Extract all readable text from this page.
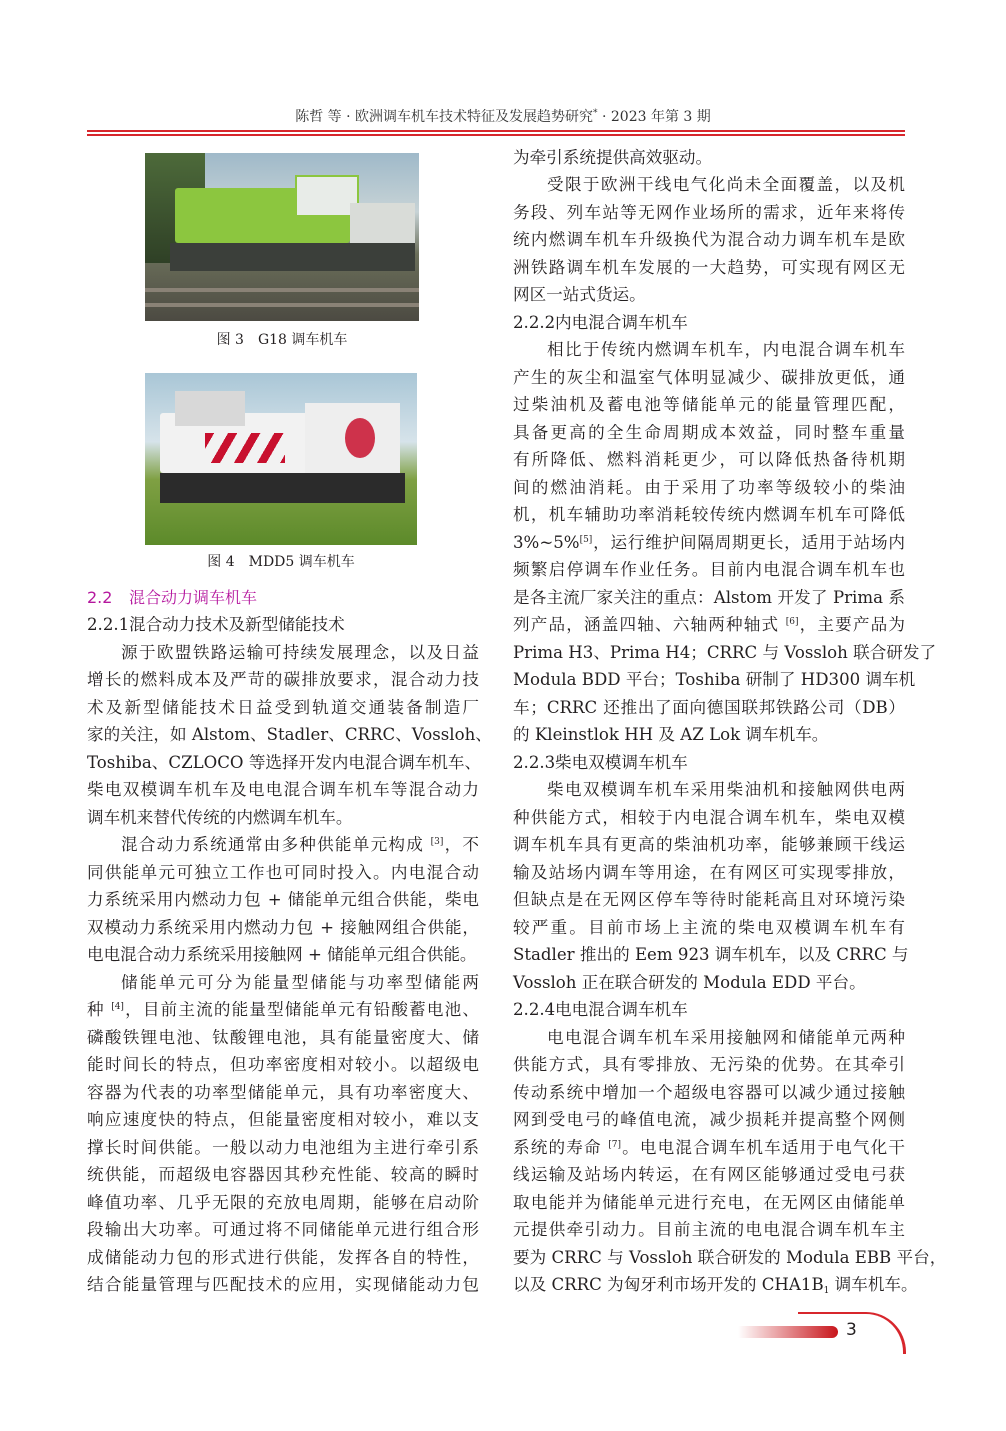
陈哲 等 · 欧洲调车机车技术特征及发展趋势研究* · 2023 年第 3 期
图 3　G18 调车机车
图 4　MDD5 调车机车
2.2 混合动力调车机车
2.2.1混合动力技术及新型储能技术
源于欧盟铁路运输可持续发展理念，以及日益
增长的燃料成本及严苛的碳排放要求，混合动力技
术及新型储能技术日益受到轨道交通装备制造厂
家的关注，如 Alstom、Stadler、CRRC、Vossloh、
Toshiba、CZLOCO 等选择开发内电混合调车机车、
柴电双模调车机车及电电混合调车机车等混合动力
调车机来替代传统的内燃调车机车。
混合动力系统通常由多种供能单元构成 [3]，不
同供能单元可独立工作也可同时投入。内电混合动
力系统采用内燃动力包 + 储能单元组合供能，柴电
双模动力系统采用内燃动力包 + 接触网组合供能，
电电混合动力系统采用接触网 + 储能单元组合供能。
储能单元可分为能量型储能与功率型储能两
种 [4]，目前主流的能量型储能单元有铅酸蓄电池、
磷酸铁锂电池、钛酸锂电池，具有能量密度大、储
能时间长的特点，但功率密度相对较小。以超级电
容器为代表的功率型储能单元，具有功率密度大、
响应速度快的特点，但能量密度相对较小，难以支
撑长时间供能。一般以动力电池组为主进行牵引系
统供能，而超级电容器因其秒充性能、较高的瞬时
峰值功率、几乎无限的充放电周期，能够在启动阶
段输出大功率。可通过将不同储能单元进行组合形
成储能动力包的形式进行供能，发挥各自的特性，
结合能量管理与匹配技术的应用，实现储能动力包
为牵引系统提供高效驱动。
受限于欧洲干线电气化尚未全面覆盖，以及机
务段、列车站等无网作业场所的需求，近年来将传
统内燃调车机车升级换代为混合动力调车机车是欧
洲铁路调车机车发展的一大趋势，可实现有网区无
网区一站式货运。
2.2.2内电混合调车机车
相比于传统内燃调车机车，内电混合调车机车
产生的灰尘和温室气体明显减少、碳排放更低，通
过柴油机及蓄电池等储能单元的能量管理匹配，
具备更高的全生命周期成本效益，同时整车重量
有所降低、燃料消耗更少，可以降低热备待机期
间的燃油消耗。由于采用了功率等级较小的柴油
机，机车辅助功率消耗较传统内燃调车机车可降低
3%~5%[5]，运行维护间隔周期更长，适用于站场内
频繁启停调车作业任务。目前内电混合调车机车也
是各主流厂家关注的重点：Alstom 开发了 Prima 系
列产品，涵盖四轴、六轴两种轴式 [6]，主要产品为
Prima H3、Prima H4；CRRC 与 Vossloh 联合研发了
Modula BDD 平台；Toshiba 研制了 HD300 调车机
车；CRRC 还推出了面向德国联邦铁路公司（DB）
的 Kleinstlok HH 及 AZ Lok 调车机车。
2.2.3柴电双模调车机车
柴电双模调车机车采用柴油机和接触网供电两
种供能方式，相较于内电混合调车机车，柴电双模
调车机车具有更高的柴油机功率，能够兼顾干线运
输及站场内调车等用途，在有网区可实现零排放，
但缺点是在无网区停车等待时能耗高且对环境污染
较严重。目前市场上主流的柴电双模调车机车有
Stadler 推出的 Eem 923 调车机车，以及 CRRC 与
Vossloh 正在联合研发的 Modula EDD 平台。
2.2.4电电混合调车机车
电电混合调车机车采用接触网和储能单元两种
供能方式，具有零排放、无污染的优势。在其牵引
传动系统中增加一个超级电容器可以减少通过接触
网到受电弓的峰值电流，减少损耗并提高整个网侧
系统的寿命 [7]。电电混合调车机车适用于电气化干
线运输及站场内转运，在有网区能够通过受电弓获
取电能并为储能单元进行充电，在无网区由储能单
元提供牵引动力。目前主流的电电混合调车机车主
要为 CRRC 与 Vossloh 联合研发的 Modula EBB 平台，
以及 CRRC 为匈牙利市场开发的 $CHA1B_1$ 调车机车。
3
